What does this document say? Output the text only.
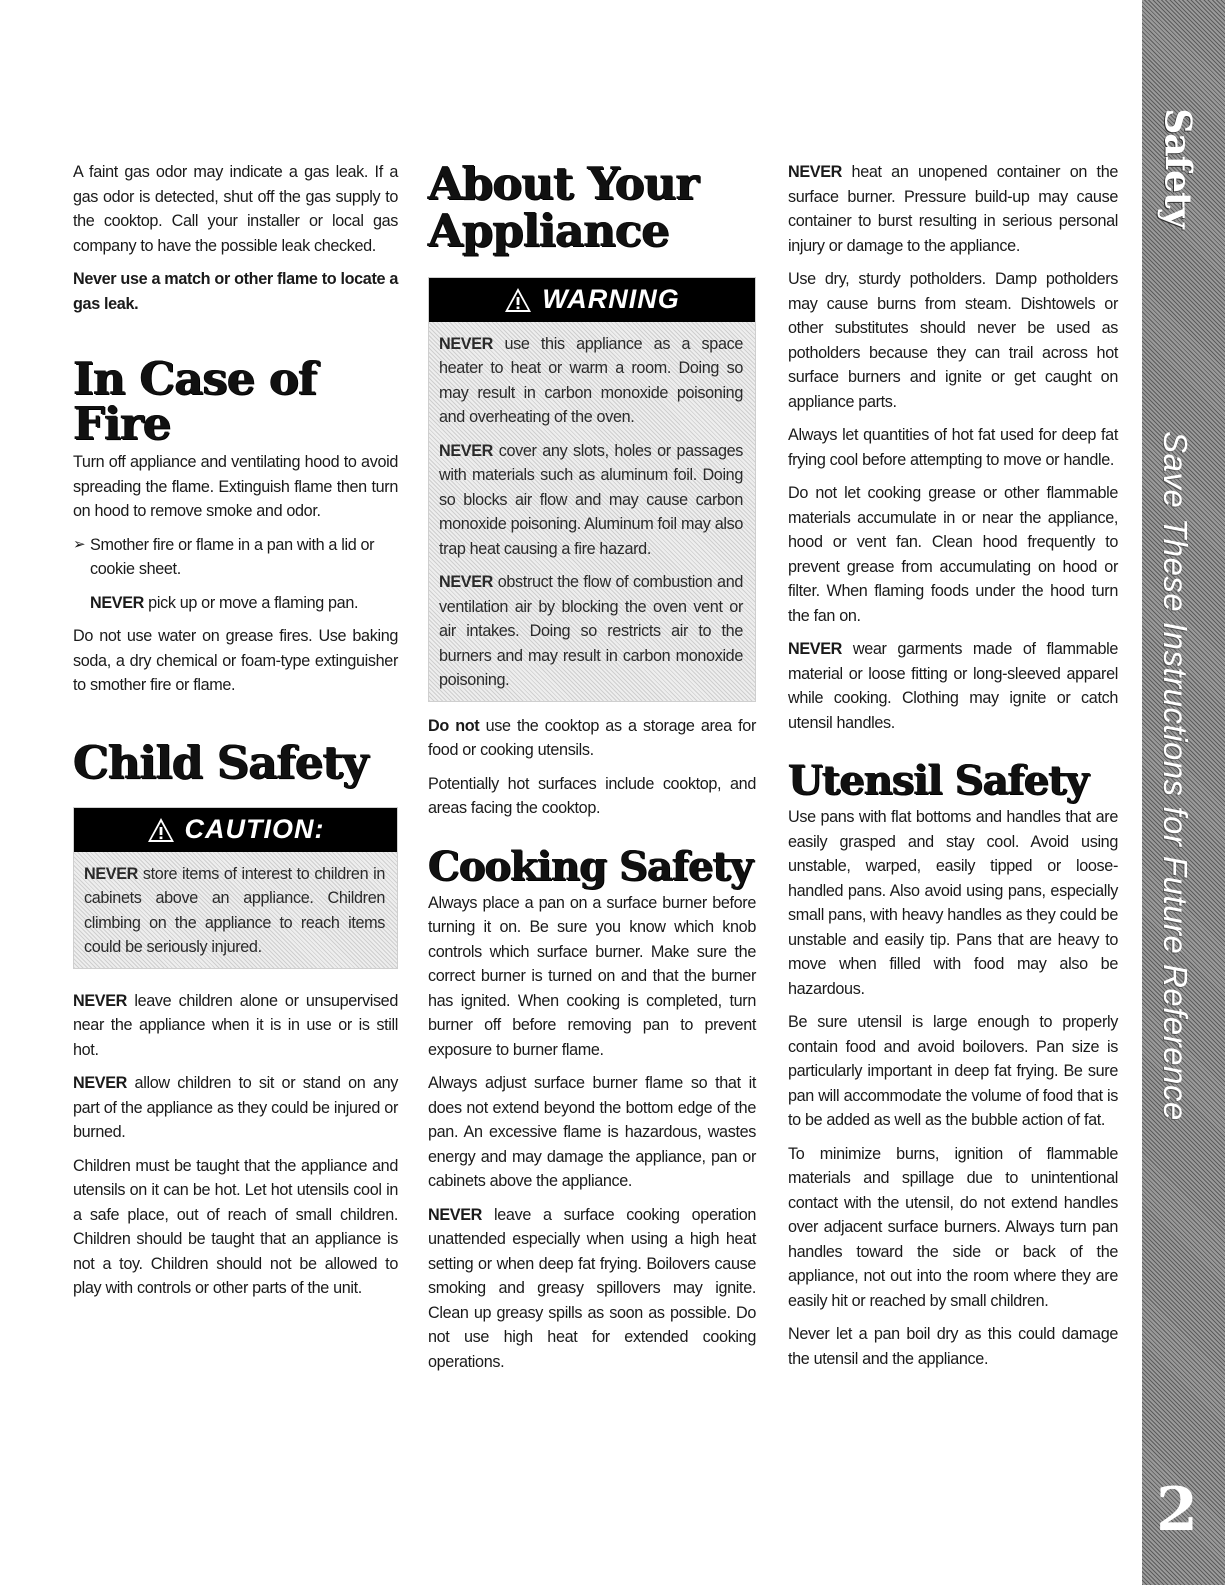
A faint gas odor may indicate a gas leak. If a gas odor is detected, shut off the gas supply to the cooktop. Call your installer or local gas company to have the possible leak checked.

Never use a match or other flame to locate a gas leak.

In Case of Fire

Turn off appliance and ventilating hood to avoid spreading the flame. Extinguish flame then turn on hood to remove smoke and odor.

➢ Smother fire or flame in a pan with a lid or cookie sheet.

NEVER pick up or move a flaming pan.

Do not use water on grease fires. Use baking soda, a dry chemical or foam-type extinguisher to smother fire or flame.

Child Safety
CAUTION:

NEVER store items of interest to children in cabinets above an appliance. Children climbing on the appliance to reach items could be seriously injured.

NEVER leave children alone or unsupervised near the appliance when it is in use or is still hot.

NEVER allow children to sit or stand on any part of the appliance as they could be injured or burned.

Children must be taught that the appliance and utensils on it can be hot. Let hot utensils cool in a safe place, out of reach of small children. Children should be taught that an appliance is not a toy. Children should not be allowed to play with controls or other parts of the unit.

About Your
Appliance
WARNING

NEVER use this appliance as a space heater to heat or warm a room. Doing so may result in carbon monoxide poisoning and overheating of the oven.

NEVER cover any slots, holes or passages with materials such as aluminum foil. Doing so blocks air flow and may cause carbon monoxide poisoning. Aluminum foil may also trap heat causing a fire hazard.

NEVER obstruct the flow of combustion and ventilation air by blocking the oven vent or air intakes. Doing so restricts air to the burners and may result in carbon monoxide poisoning.

Do not use the cooktop as a storage area for food or cooking utensils.

Potentially hot surfaces include cooktop, and areas facing the cooktop.

Cooking Safety

Always place a pan on a surface burner before turning it on. Be sure you know which knob controls which surface burner. Make sure the correct burner is turned on and that the burner has ignited. When cooking is completed, turn burner off before removing pan to prevent exposure to burner flame.

Always adjust surface burner flame so that it does not extend beyond the bottom edge of the pan. An excessive flame is hazardous, wastes energy and may damage the appliance, pan or cabinets above the appliance.

NEVER leave a surface cooking operation unattended especially when using a high heat setting or when deep fat frying. Boilovers cause smoking and greasy spillovers may ignite. Clean up greasy spills as soon as possible. Do not use high heat for extended cooking operations.

NEVER heat an unopened container on the surface burner. Pressure build-up may cause container to burst resulting in serious personal injury or damage to the appliance.

Use dry, sturdy potholders. Damp potholders may cause burns from steam. Dishtowels or other substitutes should never be used as potholders because they can trail across hot surface burners and ignite or get caught on appliance parts.

Always let quantities of hot fat used for deep fat frying cool before attempting to move or handle.

Do not let cooking grease or other flammable materials accumulate in or near the appliance, hood or vent fan. Clean hood frequently to prevent grease from accumulating on hood or filter. When flaming foods under the hood turn the fan on.

NEVER wear garments made of flammable material or loose fitting or long-sleeved apparel while cooking. Clothing may ignite or catch utensil handles.

Utensil Safety

Use pans with flat bottoms and handles that are easily grasped and stay cool. Avoid using unstable, warped, easily tipped or loose-handled pans. Also avoid using pans, especially small pans, with heavy handles as they could be unstable and easily tip. Pans that are heavy to move when filled with food may also be hazardous.

Be sure utensil is large enough to properly contain food and avoid boilovers. Pan size is particularly important in deep fat frying. Be sure pan will accommodate the volume of food that is to be added as well as the bubble action of fat.

To minimize burns, ignition of flammable materials and spillage due to unintentional contact with the utensil, do not extend handles over adjacent surface burners. Always turn pan handles toward the side or back of the appliance, not out into the room where they are easily hit or reached by small children.

Never let a pan boil dry as this could damage the utensil and the appliance.

Safety
Save These Instructions for Future Reference
2
